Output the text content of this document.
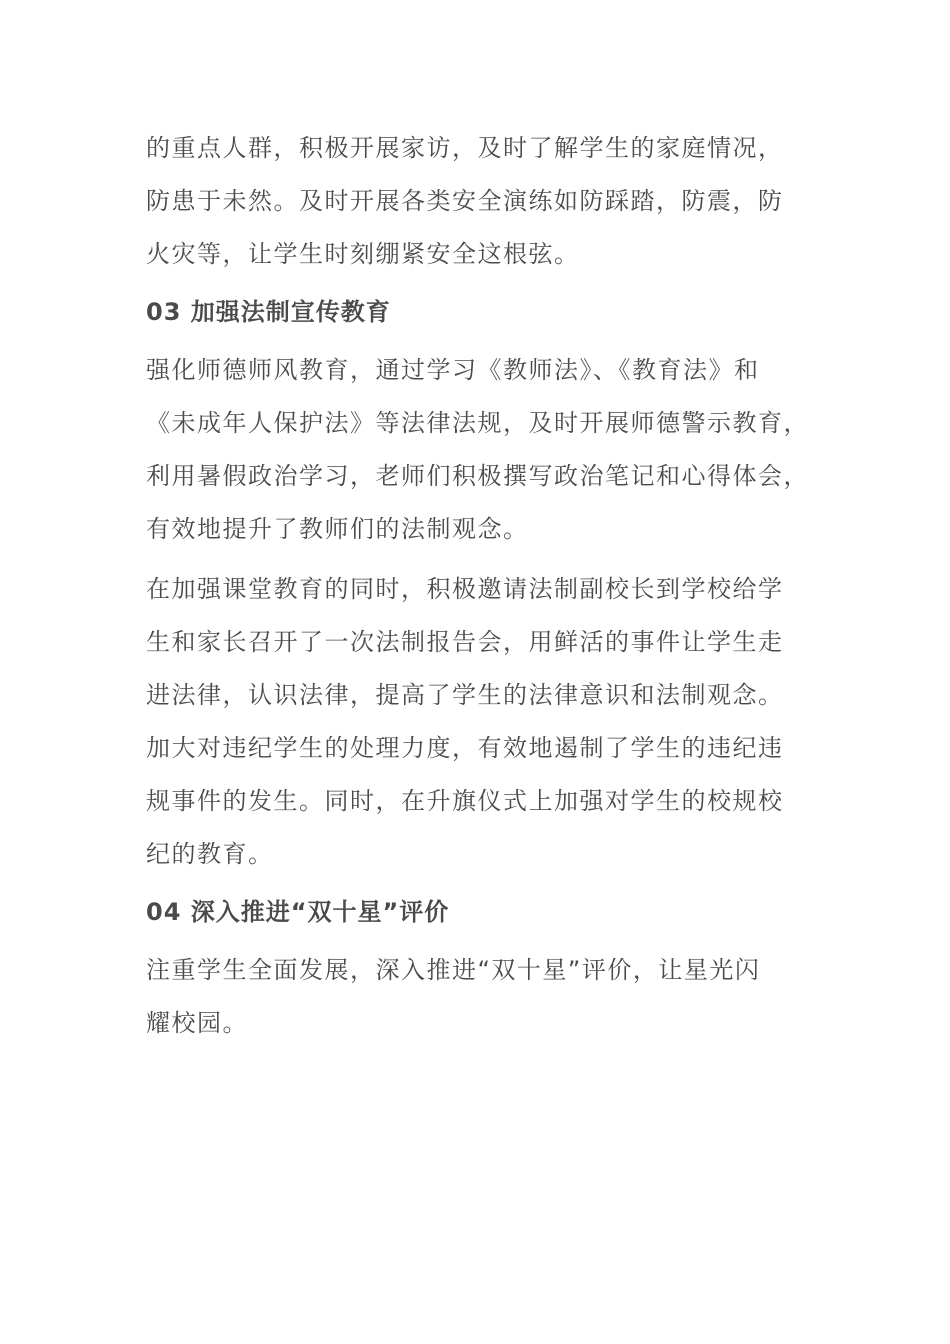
的重点人群，积极开展家访，及时了解学生的家庭情况，
防患于未然。及时开展各类安全演练如防踩踏，防震，防
火灾等，让学生时刻绷紧安全这根弦。

03 加强法制宣传教育

强化师德师风教育，通过学习《教师法》、《教育法》和
《未成年人保护法》等法律法规，及时开展师德警示教育，
利用暑假政治学习，老师们积极撰写政治笔记和心得体会，
有效地提升了教师们的法制观念。

在加强课堂教育的同时，积极邀请法制副校长到学校给学
生和家长召开了一次法制报告会，用鲜活的事件让学生走
进法律，认识法律，提高了学生的法律意识和法制观念。
加大对违纪学生的处理力度，有效地遏制了学生的违纪违
规事件的发生。同时，在升旗仪式上加强对学生的校规校
纪的教育。

04 深入推进“双十星”评价

注重学生全面发展，深入推进“双十星”评价，让星光闪
耀校园。
